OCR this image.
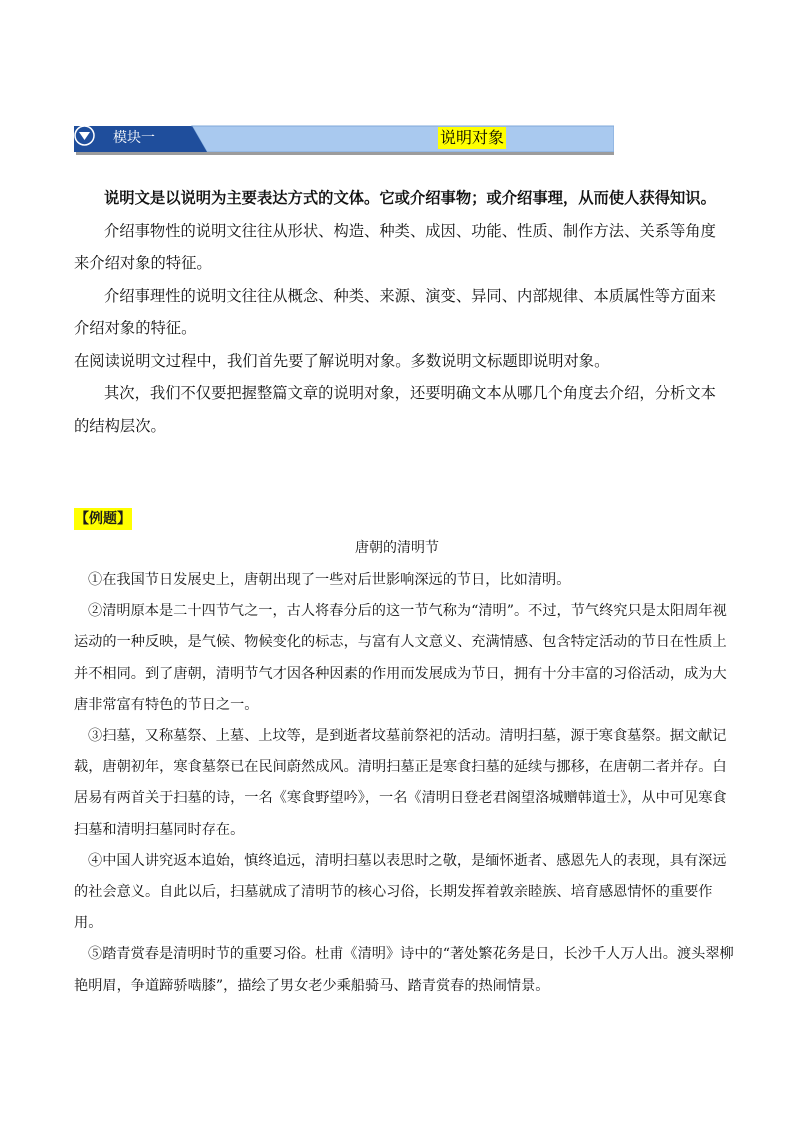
模块一	说明对象

说明文是以说明为主要表达方式的文体。它或介绍事物；或介绍事理，从而使人获得知识。

介绍事物性的说明文往往从形状、构造、种类、成因、功能、性质、制作方法、关系等角度来介绍对象的特征。

介绍事理性的说明文往往从概念、种类、来源、演变、异同、内部规律、本质属性等方面来介绍对象的特征。

在阅读说明文过程中，我们首先要了解说明对象。多数说明文标题即说明对象。

其次，我们不仅要把握整篇文章的说明对象，还要明确文本从哪几个角度去介绍，分析文本的结构层次。

【例题】
唐朝的清明节

①在我国节日发展史上，唐朝出现了一些对后世影响深远的节日，比如清明。

②清明原本是二十四节气之一，古人将春分后的这一节气称为“清明”。不过，节气终究只是太阳周年视运动的一种反映，是气候、物候变化的标志，与富有人文意义、充满情感、包含特定活动的节日在性质上并不相同。到了唐朝，清明节气才因各种因素的作用而发展成为节日，拥有十分丰富的习俗活动，成为大唐非常富有特色的节日之一。

③扫墓，又称墓祭、上墓、上坟等，是到逝者坟墓前祭祀的活动。清明扫墓，源于寒食墓祭。据文献记载，唐朝初年，寒食墓祭已在民间蔚然成风。清明扫墓正是寒食扫墓的延续与挪移，在唐朝二者并存。白居易有两首关于扫墓的诗，一名《寒食野望吟》，一名《清明日登老君阁望洛城赠韩道士》，从中可见寒食扫墓和清明扫墓同时存在。

④中国人讲究返本追始，慎终追远，清明扫墓以表思时之敬，是缅怀逝者、感恩先人的表现，具有深远的社会意义。自此以后，扫墓就成了清明节的核心习俗，长期发挥着敦亲睦族、培育感恩情怀的重要作用。

⑤踏青赏春是清明时节的重要习俗。杜甫《清明》诗中的“著处繁花务是日，长沙千人万人出。渡头翠柳艳明眉，争道蹄骄啮膝”，描绘了男女老少乘船骑马、踏青赏春的热闹情景。
